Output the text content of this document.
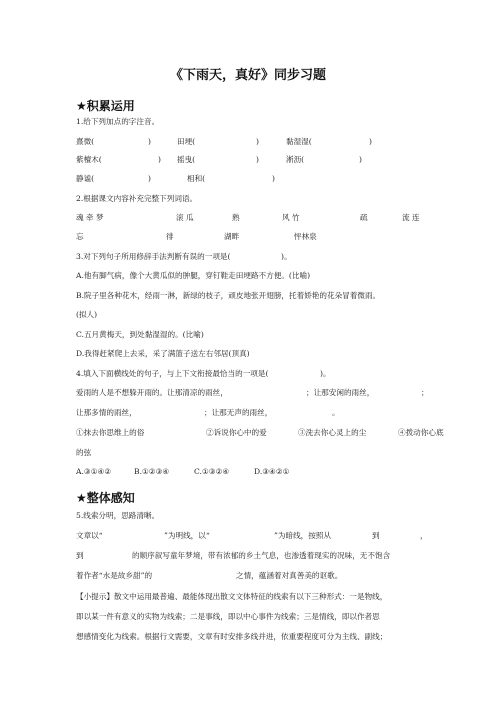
《下雨天，真好》同步习题
★积累运用
1.给下列加点的字注音。
熹微(	)	田埂(	)	黏湿湿(	)
紫檀木(	) 摇曳(	)	淅沥(	)
静谧(	)	相和(	)
2.根据课文内容补充完整下列词语。
魂 牵 梦	滚 瓜	熟	风 竹	疏	流 连
忘	徘	湖畔	怦林泉
3.对下列句子所用修辞手法判断有误的一项是(	)。
A.他有脚气病，像个大黄瓜似的肿腿，穿钉鞋走田埂路不方便。(比喻)
B.院子里各种花木，经雨一淋，新绿的枝子，顽皮地张开翅膀，托着娇艳的花朵冒着微雨。
(拟人)
C.五月黄梅天，到处黏湿湿的。(比喻)
D.我得赶紧爬上去采，采了满篮子送左右邻居(顶真)
4.填入下面横线处的句子，与上下文衔接最恰当的一项是(	)。
爱雨的人是不想躲开雨的。让那清凉的雨丝，	；让那安闲的雨丝，	；
让那多情的雨丝，	；让那无声的雨丝，	。
①抹去你思维上的俗	②诉说你心中的爱	③洗去你心灵上的尘	④拨动你心底
的弦
A.③①④②	B.①②③④	C.①③②④	D.③④②①
★整体感知
5.线索分明，思路清晰。
文章以“	”为明线，以“	”为暗线，按照从	到	，
到	的顺序叙写童年梦境，带有浓郁的乡土气息，也渗透着现实的况味，无不饱含
着作者“水是故乡甜”的	之情，蕴涵着对真善美的讴歌。
【小提示】散文中运用最普遍、最能体现出散文文体特征的线索有以下三种形式：一是物线，
即以某一件有意义的实物为线索；二是事线，即以中心事件为线索；三是情线，即以作者思
想感情变化为线索。根据行文需要，文章有时安排多线并进，依重要程度可分为主线、副线；
